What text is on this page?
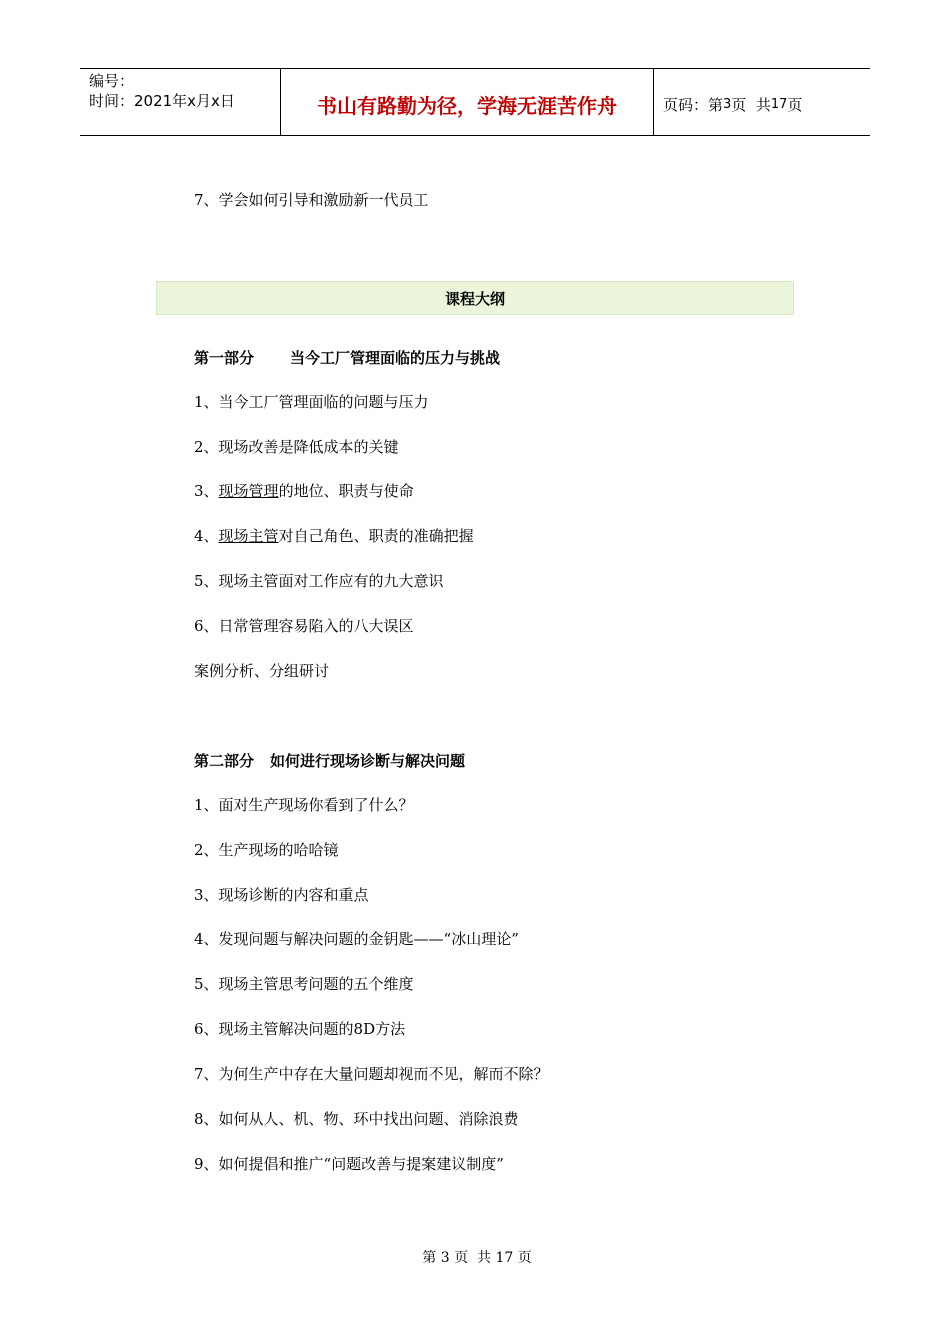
编号：
时间：2021年x月x日	书山有路勤为径，学海无涯苦作舟	页码：第 3 页  共 17 页
7、学会如何引导和激励新一代员工
课程大纲
第一部分 当今工厂管理面临的压力与挑战
1、当今工厂管理面临的问题与压力
2、现场改善是降低成本的关键
3、现场管理的地位、职责与使命
4、现场主管对自己角色、职责的准确把握
5、现场主管面对工作应有的九大意识
6、日常管理容易陷入的八大误区
案例分析、分组研讨
第二部分 如何进行现场诊断与解决问题
1、面对生产现场你看到了什么？
2、生产现场的哈哈镜
3、现场诊断的内容和重点
4、发现问题与解决问题的金钥匙——“冰山理论”
5、现场主管思考问题的五个维度
6、现场主管解决问题的8D方法
7、为何生产中存在大量问题却视而不见，解而不除？
8、如何从人、机、物、环中找出问题、消除浪费
9、如何提倡和推广“问题改善与提案建议制度”
第 3 页  共 17 页
